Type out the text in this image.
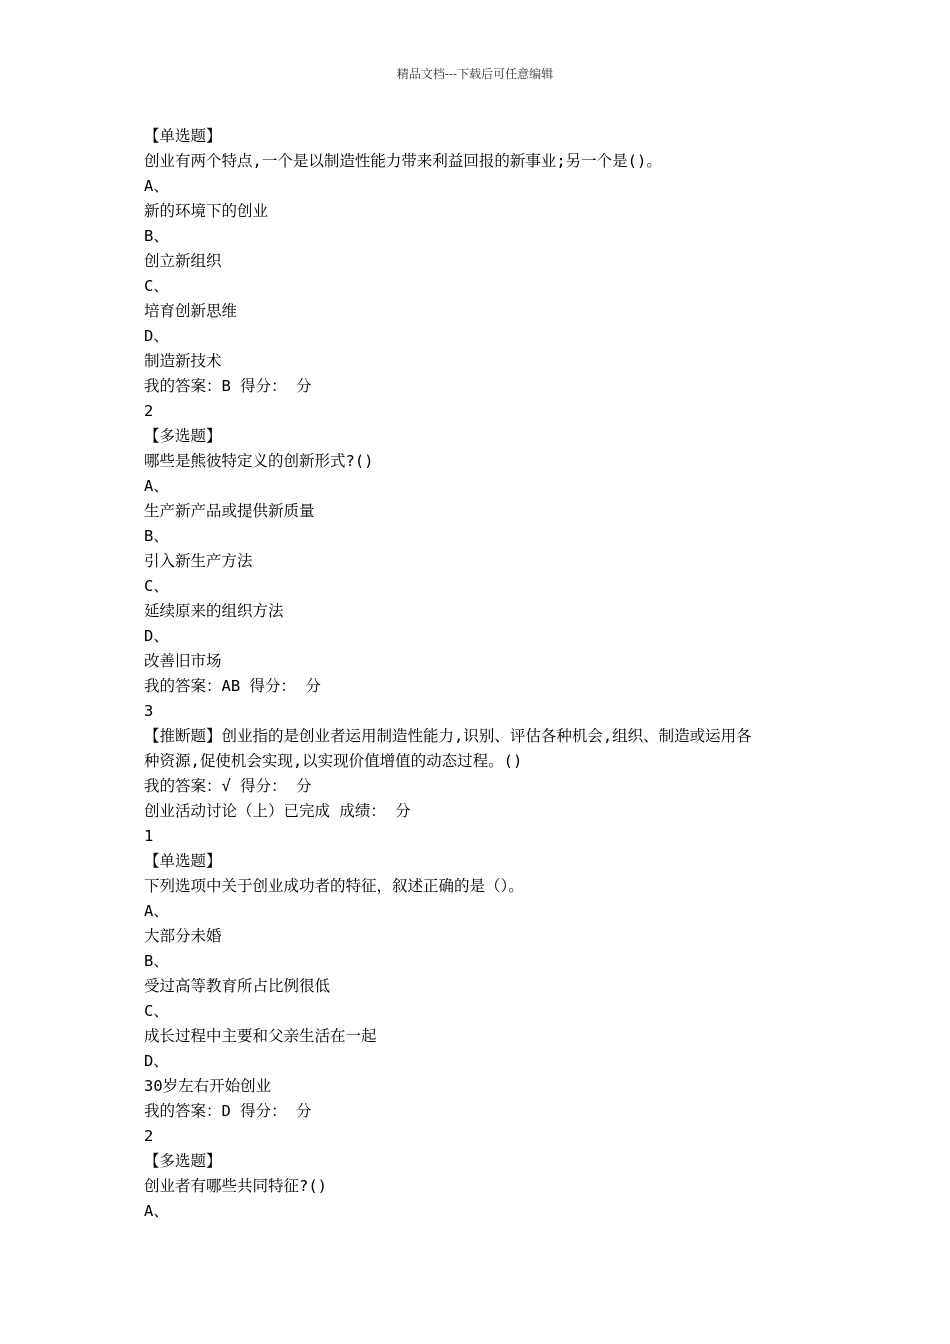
精品文档---下载后可任意编辑
【单选题】
创业有两个特点,一个是以制造性能力带来利益回报的新事业;另一个是()。
A、
新的环境下的创业
B、
创立新组织
C、
培育创新思维
D、
制造新技术
我的答案：B 得分： 分
2
【多选题】
哪些是熊彼特定义的创新形式?()
A、
生产新产品或提供新质量
B、
引入新生产方法
C、
延续原来的组织方法
D、
改善旧市场
我的答案：AB 得分： 分
3
【推断题】创业指的是创业者运用制造性能力,识别、评估各种机会,组织、制造或运用各
种资源,促使机会实现,以实现价值增值的动态过程。()
我的答案：√ 得分： 分
创业活动讨论（上）已完成 成绩： 分
1
【单选题】
下列选项中关于创业成功者的特征，叙述正确的是（）。
A、
大部分未婚
B、
受过高等教育所占比例很低
C、
成长过程中主要和父亲生活在一起
D、
30岁左右开始创业
我的答案：D 得分： 分
2
【多选题】
创业者有哪些共同特征?()
A、
